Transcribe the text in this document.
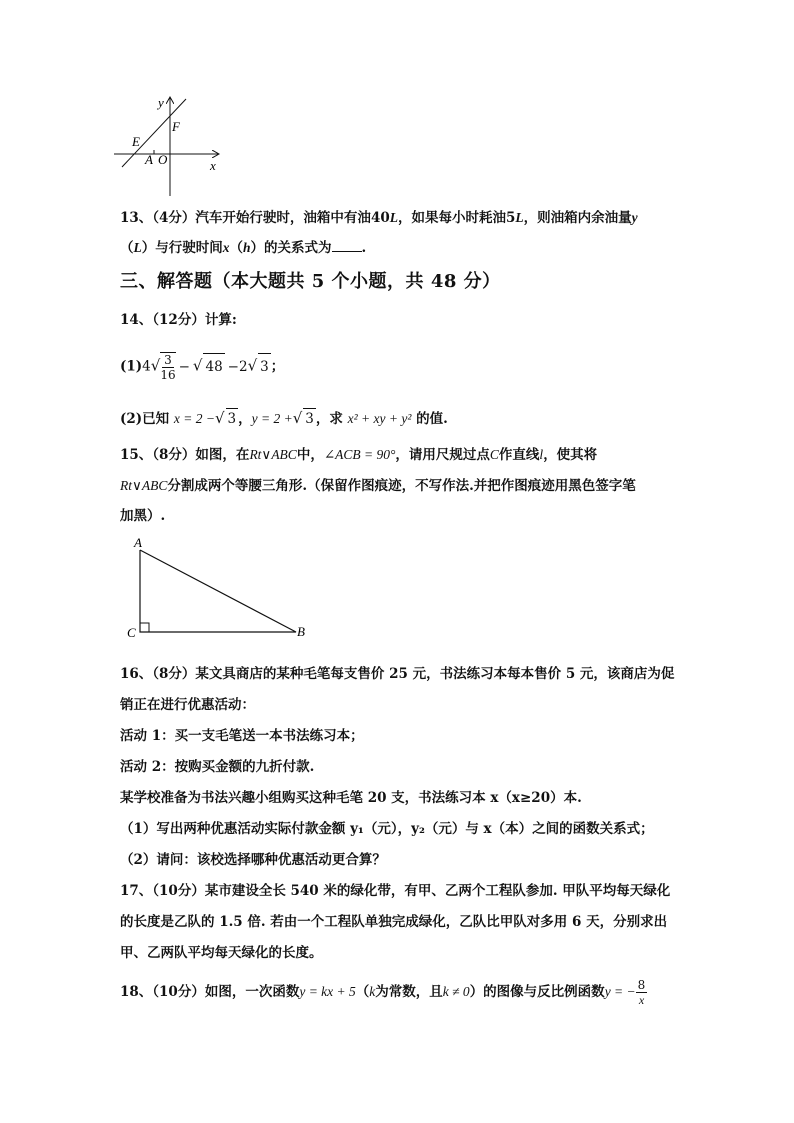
y
x
F
E
A O
13、（4分）汽车开始行驶时，油箱中有油40L，如果每小时耗油5L，则油箱内余油量y
（L）与行驶时间x（h）的关系式为 .
三、解答题（本大题共 5 个小题，共 48 分）
14、（12分）计算:
$(1)4√ \frac{3}{16}$ − √ 48 −2√ 3 ；
(2)已知 x = 2 −√ 3 ，y = 2 +√ 3 ，求 x² + xy + y² 的值.
15、（8分）如图，在Rt∨ABC中，∠ACB = 90°，请用尺规过点C作直线l，使其将
Rt∨ABC分割成两个等腰三角形.（保留作图痕迹，不写作法.并把作图痕迹用黑色签字笔
加黑）.
A
C	B
16、（8分）某文具商店的某种毛笔每支售价 25 元，书法练习本每本售价 5 元，该商店为促
销正在进行优惠活动：
活动 1：买一支毛笔送一本书法练习本；
活动 2：按购买金额的九折付款.
某学校准备为书法兴趣小组购买这种毛笔 20 支，书法练习本 x（x≥20）本.
（1）写出两种优惠活动实际付款金额 y₁（元），y₂（元）与 x（本）之间的函数关系式；
（2）请问：该校选择哪种优惠活动更合算？
17、（10分）某市建设全长 540 米的绿化带，有甲、乙两个工程队参加. 甲队平均每天绿化
的长度是乙队的 1.5 倍. 若由一个工程队单独完成绿化，乙队比甲队对多用 6 天，分别求出
甲、乙两队平均每天绿化的长度。
18、（10分）如图，一次函数y = kx + 5（k为常数，且k ≠ 0）的图像与反比例函数y = − $\frac{8}{x}$
